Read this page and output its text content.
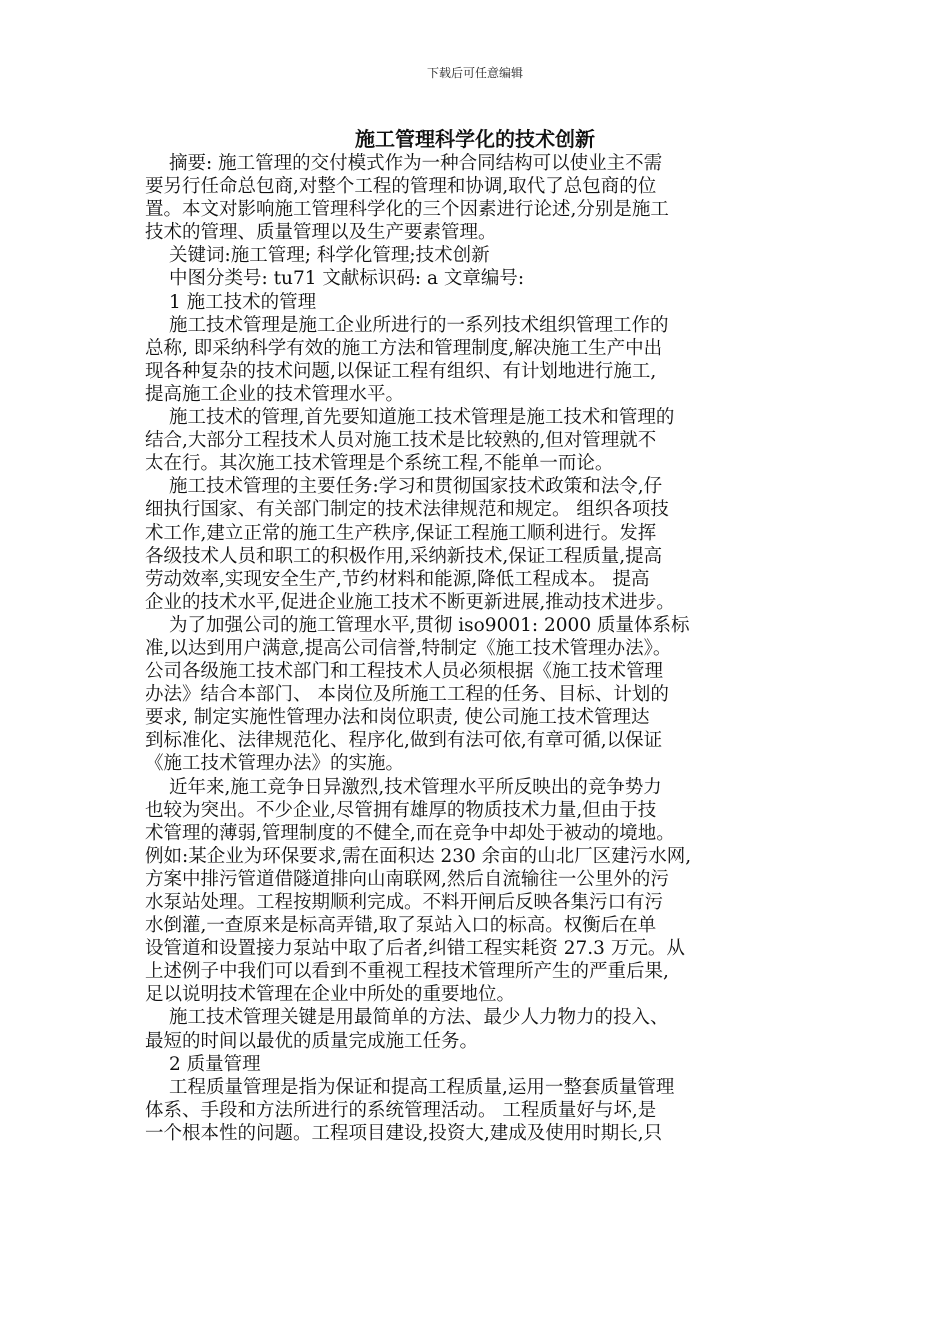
下载后可任意编辑
施工管理科学化的技术创新
摘要: 施工管理的交付模式作为一种合同结构可以使业主不需
要另行任命总包商,对整个工程的管理和协调,取代了总包商的位
置。本文对影响施工管理科学化的三个因素进行论述,分别是施工
技术的管理、质量管理以及生产要素管理。
关键词:施工管理; 科学化管理;技术创新
中图分类号: tu71 文献标识码: a 文章编号:
1 施工技术的管理
施工技术管理是施工企业所进行的一系列技术组织管理工作的
总称, 即采纳科学有效的施工方法和管理制度,解决施工生产中出
现各种复杂的技术问题,以保证工程有组织、有计划地进行施工,
提高施工企业的技术管理水平。
施工技术的管理,首先要知道施工技术管理是施工技术和管理的
结合,大部分工程技术人员对施工技术是比较熟的,但对管理就不
太在行。其次施工技术管理是个系统工程,不能单一而论。
施工技术管理的主要任务:学习和贯彻国家技术政策和法令,仔
细执行国家、有关部门制定的技术法律规范和规定。 组织各项技
术工作,建立正常的施工生产秩序,保证工程施工顺利进行。发挥
各级技术人员和职工的积极作用,采纳新技术,保证工程质量,提高
劳动效率,实现安全生产,节约材料和能源,降低工程成本。 提高
企业的技术水平,促进企业施工技术不断更新进展,推动技术进步。
为了加强公司的施工管理水平,贯彻 iso9001: 2000 质量体系标
准,以达到用户满意,提高公司信誉,特制定《施工技术管理办法》。
公司各级施工技术部门和工程技术人员必须根据《施工技术管理
办法》结合本部门、 本岗位及所施工工程的任务、目标、计划的
要求, 制定实施性管理办法和岗位职责, 使公司施工技术管理达
到标准化、法律规范化、程序化,做到有法可依,有章可循,以保证
《施工技术管理办法》的实施。
近年来,施工竞争日异激烈,技术管理水平所反映出的竞争势力
也较为突出。不少企业,尽管拥有雄厚的物质技术力量,但由于技
术管理的薄弱,管理制度的不健全,而在竞争中却处于被动的境地。
例如:某企业为环保要求,需在面积达 230 余亩的山北厂区建污水网,
方案中排污管道借隧道排向山南联网,然后自流输往一公里外的污
水泵站处理。工程按期顺利完成。不料开闸后反映各集污口有污
水倒灌,一查原来是标高弄错,取了泵站入口的标高。权衡后在单
设管道和设置接力泵站中取了后者,纠错工程实耗资 27.3 万元。从
上述例子中我们可以看到不重视工程技术管理所产生的严重后果,
足以说明技术管理在企业中所处的重要地位。
施工技术管理关键是用最简单的方法、最少人力物力的投入、
最短的时间以最优的质量完成施工任务。
2 质量管理
工程质量管理是指为保证和提高工程质量,运用一整套质量管理
体系、手段和方法所进行的系统管理活动。 工程质量好与坏,是
一个根本性的问题。工程项目建设,投资大,建成及使用时期长,只
